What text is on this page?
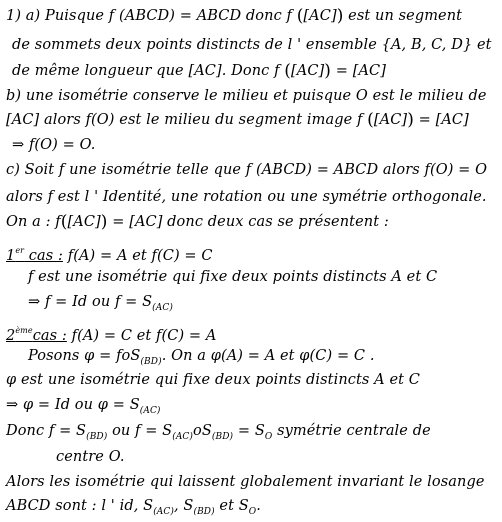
1) a) Puisque f (ABCD) = ABCD donc f ([AC]) est un segment
de sommets deux points distincts de l ' ensemble {A, B, C, D} et
de même longueur que [AC]. Donc f ([AC]) = [AC]
b) une isométrie conserve le milieu et puisque O est le milieu de
[AC] alors f(O) est le milieu du segment image f ([AC]) = [AC]
⇒ f(O) = O.
c) Soit f une isométrie telle que f (ABCD) = ABCD alors f(O) = O
alors f est l ' Identité, une rotation ou une symétrie orthogonale.
On a : f([AC]) = [AC] donc deux cas se présentent :
1er cas : f(A) = A et f(C) = C
f est une isométrie qui fixe deux points distincts A et C
⇒ f = Id ou $f = S_{(AC)}$
2èmecas : f(A) = C et f(C) = A
Posons φ = foS$_{(BD)}$. On a φ(A) = A et φ(C) = C .
φ est une isométrie qui fixe deux points distincts A et C
⇒ φ = Id ou $\varphi = S_{(AC)}$
Donc $f = S_{(BD)}$ ou $f = S_{(AC)}oS_{(BD)} = S_O$ symétrie centrale de
centre O.
Alors les isométrie qui laissent globalement invariant le losange
ABCD sont : l ' id, $S_{(AC)}$, $S_{(BD)}$ et $S_O$.
